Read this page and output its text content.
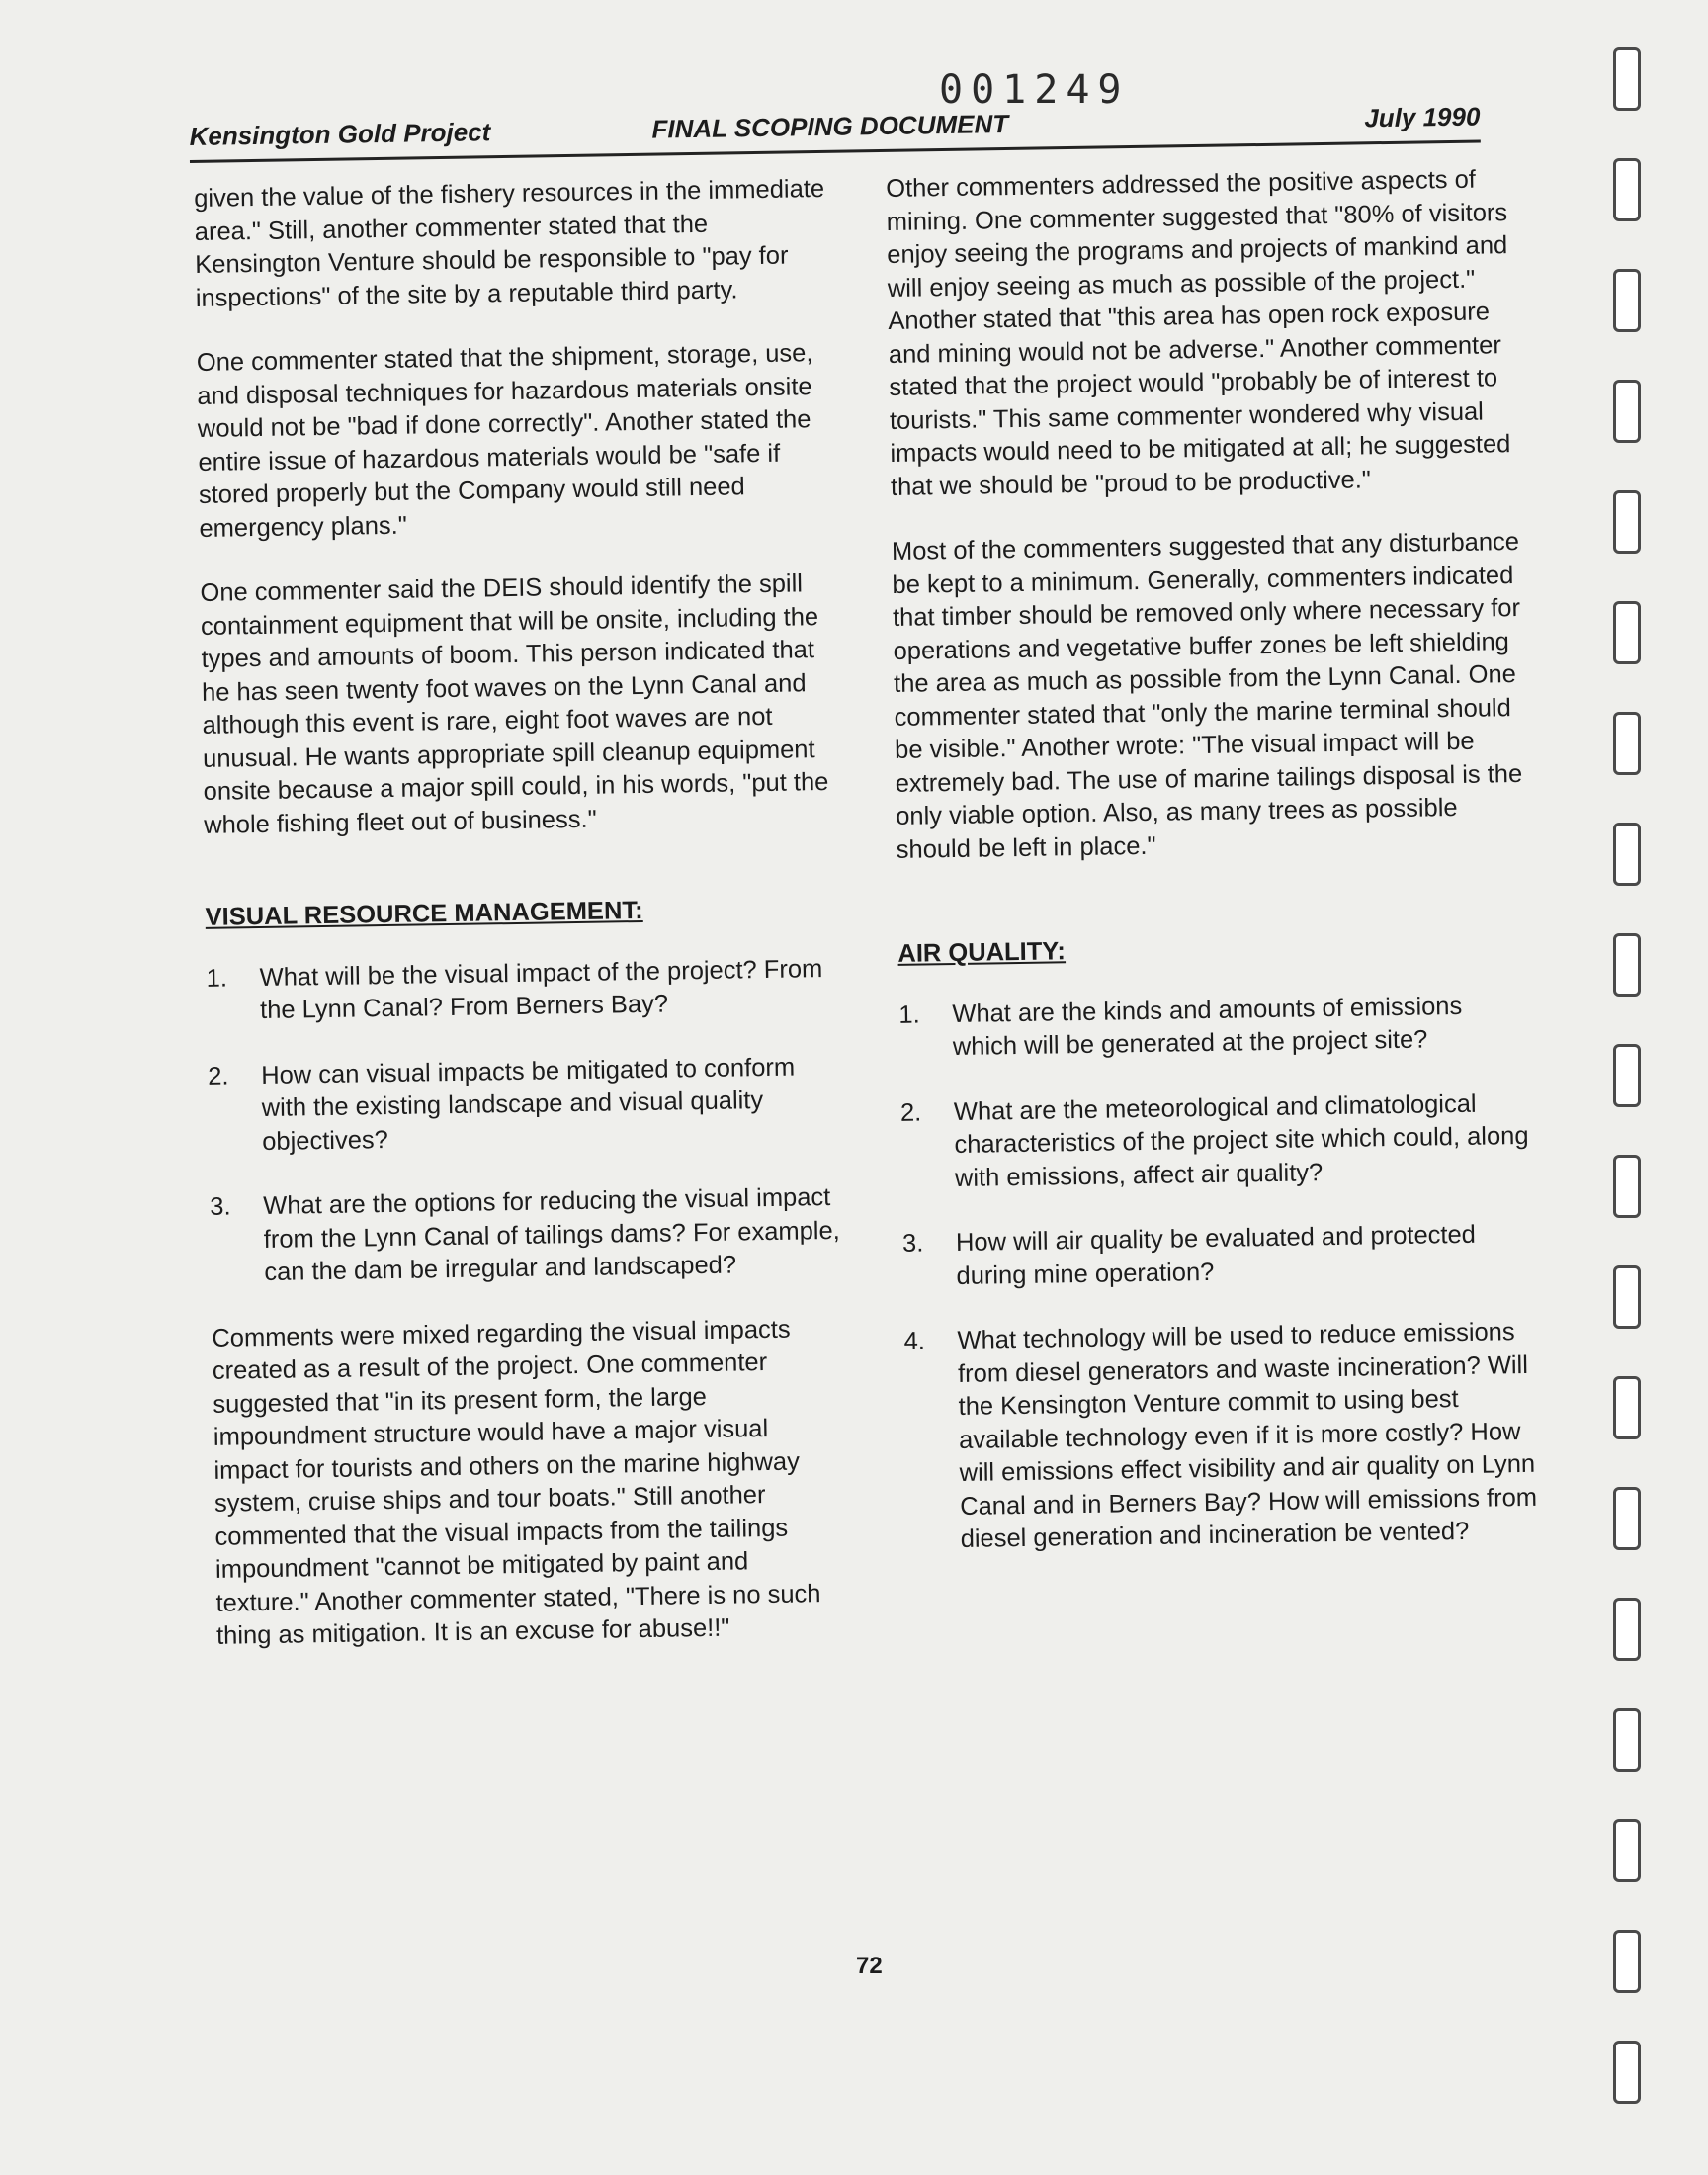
001249
Kensington Gold Project	FINAL SCOPING DOCUMENT	July 1990

given the value of the fishery resources in the immediate area." Still, another commenter stated that the Kensington Venture should be responsible to "pay for inspections" of the site by a reputable third party.

One commenter stated that the shipment, storage, use, and disposal techniques for hazardous materials onsite would not be "bad if done correctly". Another stated the entire issue of hazardous materials would be "safe if stored properly but the Company would still need emergency plans."

One commenter said the DEIS should identify the spill containment equipment that will be onsite, including the types and amounts of boom. This person indicated that he has seen twenty foot waves on the Lynn Canal and although this event is rare, eight foot waves are not unusual. He wants appropriate spill cleanup equipment onsite because a major spill could, in his words, "put the whole fishing fleet out of business."

VISUAL RESOURCE MANAGEMENT:
1.	What will be the visual impact of the project? From the Lynn Canal? From Berners Bay?
2.	How can visual impacts be mitigated to conform with the existing landscape and visual quality objectives?
3.	What are the options for reducing the visual impact from the Lynn Canal of tailings dams? For example, can the dam be irregular and landscaped?

Comments were mixed regarding the visual impacts created as a result of the project. One commenter suggested that "in its present form, the large impoundment structure would have a major visual impact for tourists and others on the marine highway system, cruise ships and tour boats." Still another commented that the visual impacts from the tailings impoundment "cannot be mitigated by paint and texture." Another commenter stated, "There is no such thing as mitigation. It is an excuse for abuse!!"

Other commenters addressed the positive aspects of mining. One commenter suggested that "80% of visitors enjoy seeing the programs and projects of mankind and will enjoy seeing as much as possible of the project." Another stated that "this area has open rock exposure and mining would not be adverse." Another commenter stated that the project would "probably be of interest to tourists." This same commenter wondered why visual impacts would need to be mitigated at all; he suggested that we should be "proud to be productive."

Most of the commenters suggested that any disturbance be kept to a minimum. Generally, commenters indicated that timber should be removed only where necessary for operations and vegetative buffer zones be left shielding the area as much as possible from the Lynn Canal. One commenter stated that "only the marine terminal should be visible." Another wrote: "The visual impact will be extremely bad. The use of marine tailings disposal is the only viable option. Also, as many trees as possible should be left in place."

AIR QUALITY:
1.	What are the kinds and amounts of emissions which will be generated at the project site?
2.	What are the meteorological and climatological characteristics of the project site which could, along with emissions, affect air quality?
3.	How will air quality be evaluated and protected during mine operation?
4.	What technology will be used to reduce emissions from diesel generators and waste incineration? Will the Kensington Venture commit to using best available technology even if it is more costly? How will emissions effect visibility and air quality on Lynn Canal and in Berners Bay? How will emissions from diesel generation and incineration be vented?
72
